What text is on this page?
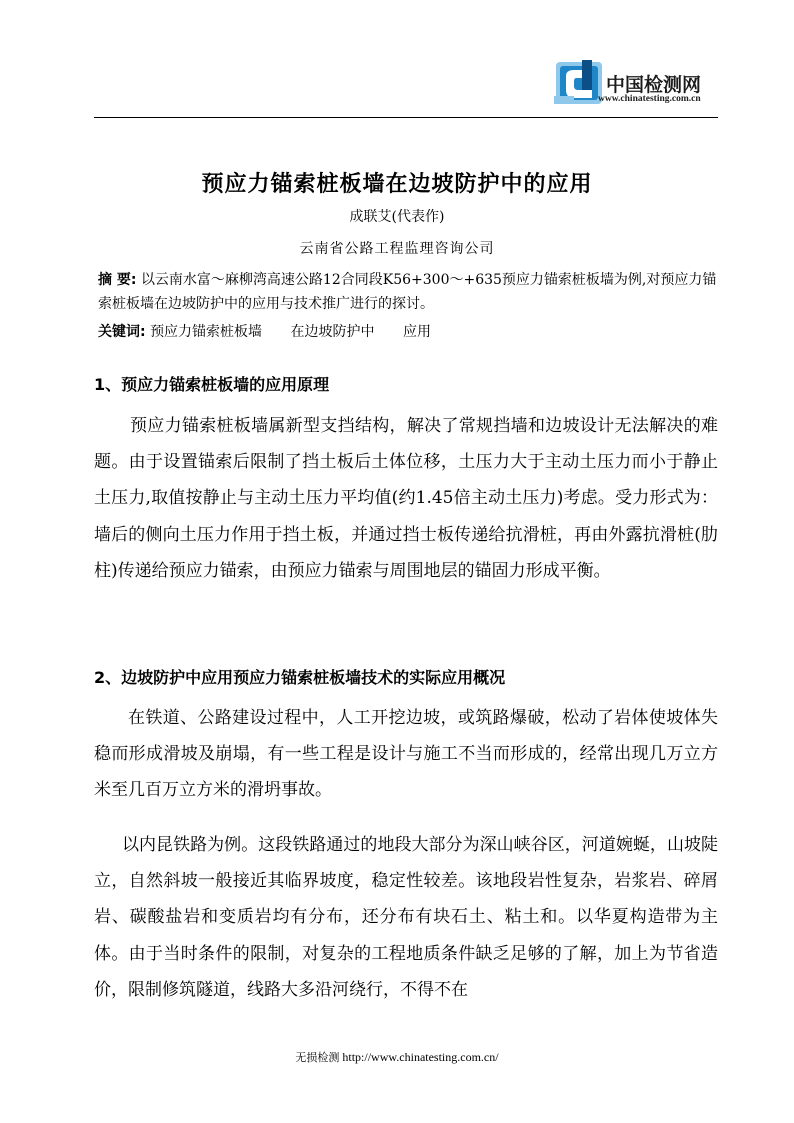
中国检测网
www.chinatesting.com.cn
预应力锚索桩板墙在边坡防护中的应用
成联艾(代表作)
云南省公路工程监理咨询公司
摘 要: 以云南水富～麻柳湾高速公路12合同段K56+300～+635预应力锚索桩板墙为例,对预应力锚索桩板墙在边坡防护中的应用与技术推广进行的探讨。
关键词: 预应力锚索桩板墙 在边坡防护中 应用
1、预应力锚索桩板墙的应用原理
预应力锚索桩板墙属新型支挡结构，解决了常规挡墙和边坡设计无法解决的难题。由于设置锚索后限制了挡土板后土体位移，土压力大于主动土压力而小于静止土压力,取值按静止与主动土压力平均值(约1.45倍主动土压力)考虑。受力形式为：墙后的侧向土压力作用于挡土板，并通过挡士板传递给抗滑桩，再由外露抗滑桩(肋柱)传递给预应力锚索，由预应力锚索与周围地层的锚固力形成平衡。
2、边坡防护中应用预应力锚索桩板墙技术的实际应用概况
在铁道、公路建设过程中，人工开挖边坡，或筑路爆破，松动了岩体使坡体失稳而形成滑坡及崩塌，有一些工程是设计与施工不当而形成的，经常出现几万立方米至几百万立方米的滑坍事故。
以内昆铁路为例。这段铁路通过的地段大部分为深山峡谷区，河道婉蜒，山坡陡立，自然斜坡一般接近其临界坡度，稳定性较差。该地段岩性复杂，岩浆岩、碎屑岩、碳酸盐岩和变质岩均有分布，还分布有块石土、粘土和。以华夏构造带为主体。由于当时条件的限制，对复杂的工程地质条件缺乏足够的了解，加上为节省造价，限制修筑隧道，线路大多沿河绕行，不得不在
无损检测 http://www.chinatesting.com.cn/
